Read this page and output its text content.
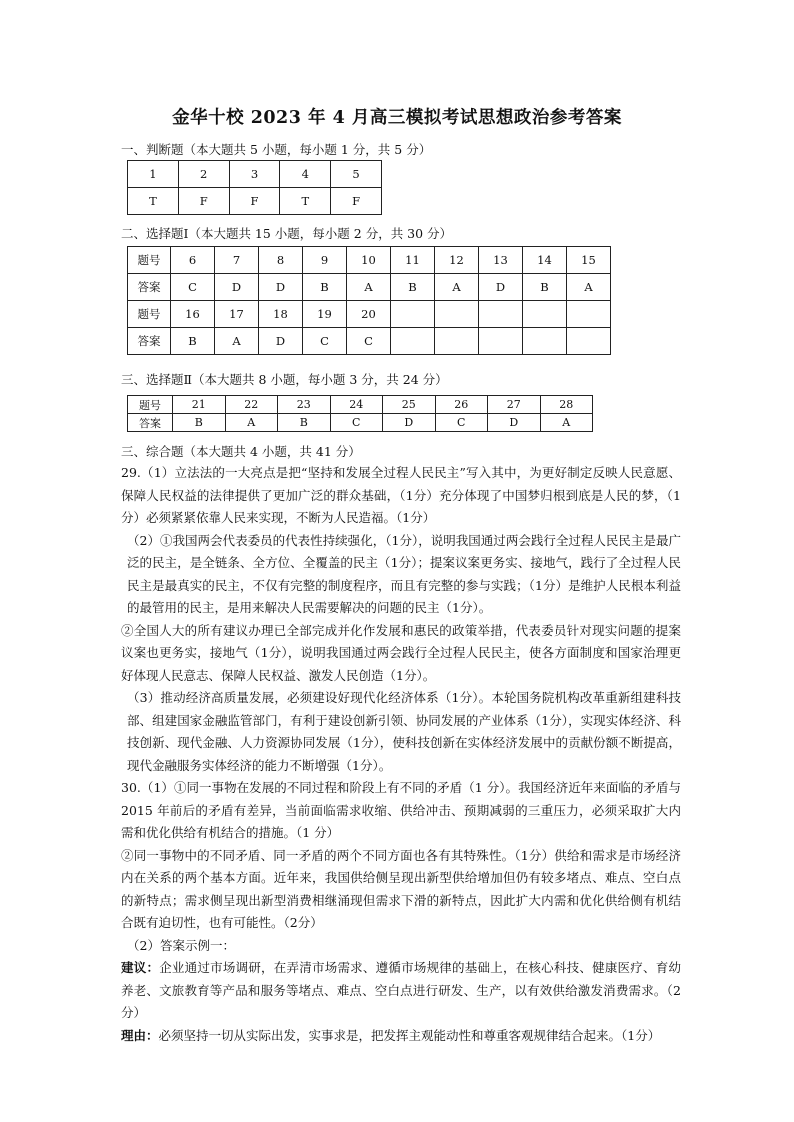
金华十校 2023 年 4 月高三模拟考试思想政治参考答案
一、判断题（本大题共 5 小题，每小题 1 分，共 5 分）
1	2	3	4	5
T	F	F	T	F
二、选择题Ⅰ（本大题共 15 小题，每小题 2 分，共 30 分）
题号	6	7	8	9	10	11	12	13	14	15
答案	C	D	D	B	A	B	A	D	B	A
题号	16	17	18	19	20					
答案	B	A	D	C	C					
三、选择题Ⅱ（本大题共 8 小题，每小题 3 分，共 24 分）
题号	21	22	23	24	25	26	27	28
答案	B	A	B	C	D	C	D	A
三、综合题（本大题共 4 小题，共 41 分）

29.（1）立法法的一大亮点是把“坚持和发展全过程人民民主”写入其中，为更好制定反映人民意愿、保障人民权益的法律提供了更加广泛的群众基础，（1分）充分体现了中国梦归根到底是人民的梦，（1分）必须紧紧依靠人民来实现，不断为人民造福。（1分）

（2）①我国两会代表委员的代表性持续强化，（1分），说明我国通过两会践行全过程人民民主是最广泛的民主，是全链条、全方位、全覆盖的民主（1分）；提案议案更务实、接地气，践行了全过程人民民主是最真实的民主，不仅有完整的制度程序，而且有完整的参与实践；（1分）是维护人民根本利益的最管用的民主，是用来解决人民需要解决的问题的民主（1分）。

②全国人大的所有建议办理已全部完成并化作发展和惠民的政策举措，代表委员针对现实问题的提案议案也更务实，接地气（1分），说明我国通过两会践行全过程人民民主，使各方面制度和国家治理更好体现人民意志、保障人民权益、激发人民创造（1分）。

（3）推动经济高质量发展，必须建设好现代化经济体系（1分）。本轮国务院机构改革重新组建科技部、组建国家金融监管部门，有利于建设创新引领、协同发展的产业体系（1分），实现实体经济、科技创新、现代金融、人力资源协同发展（1分），使科技创新在实体经济发展中的贡献份额不断提高，现代金融服务实体经济的能力不断增强（1分）。

30.（1）①同一事物在发展的不同过程和阶段上有不同的矛盾（1 分）。我国经济近年来面临的矛盾与 2015 年前后的矛盾有差异，当前面临需求收缩、供给冲击、预期减弱的三重压力，必须采取扩大内需和优化供给有机结合的措施。（1 分）

②同一事物中的不同矛盾、同一矛盾的两个不同方面也各有其特殊性。（1分）供给和需求是市场经济内在关系的两个基本方面。近年来，我国供给侧呈现出新型供给增加但仍有较多堵点、难点、空白点的新特点；需求侧呈现出新型消费相继涌现但需求下滑的新特点，因此扩大内需和优化供给侧有机结合既有迫切性，也有可能性。（2分）

（2）答案示例一：

建议：企业通过市场调研，在弄清市场需求、遵循市场规律的基础上，在核心科技、健康医疗、育幼养老、文旅教育等产品和服务等堵点、难点、空白点进行研发、生产，以有效供给激发消费需求。（2分）

理由：必须坚持一切从实际出发，实事求是，把发挥主观能动性和尊重客观规律结合起来。（1分）
